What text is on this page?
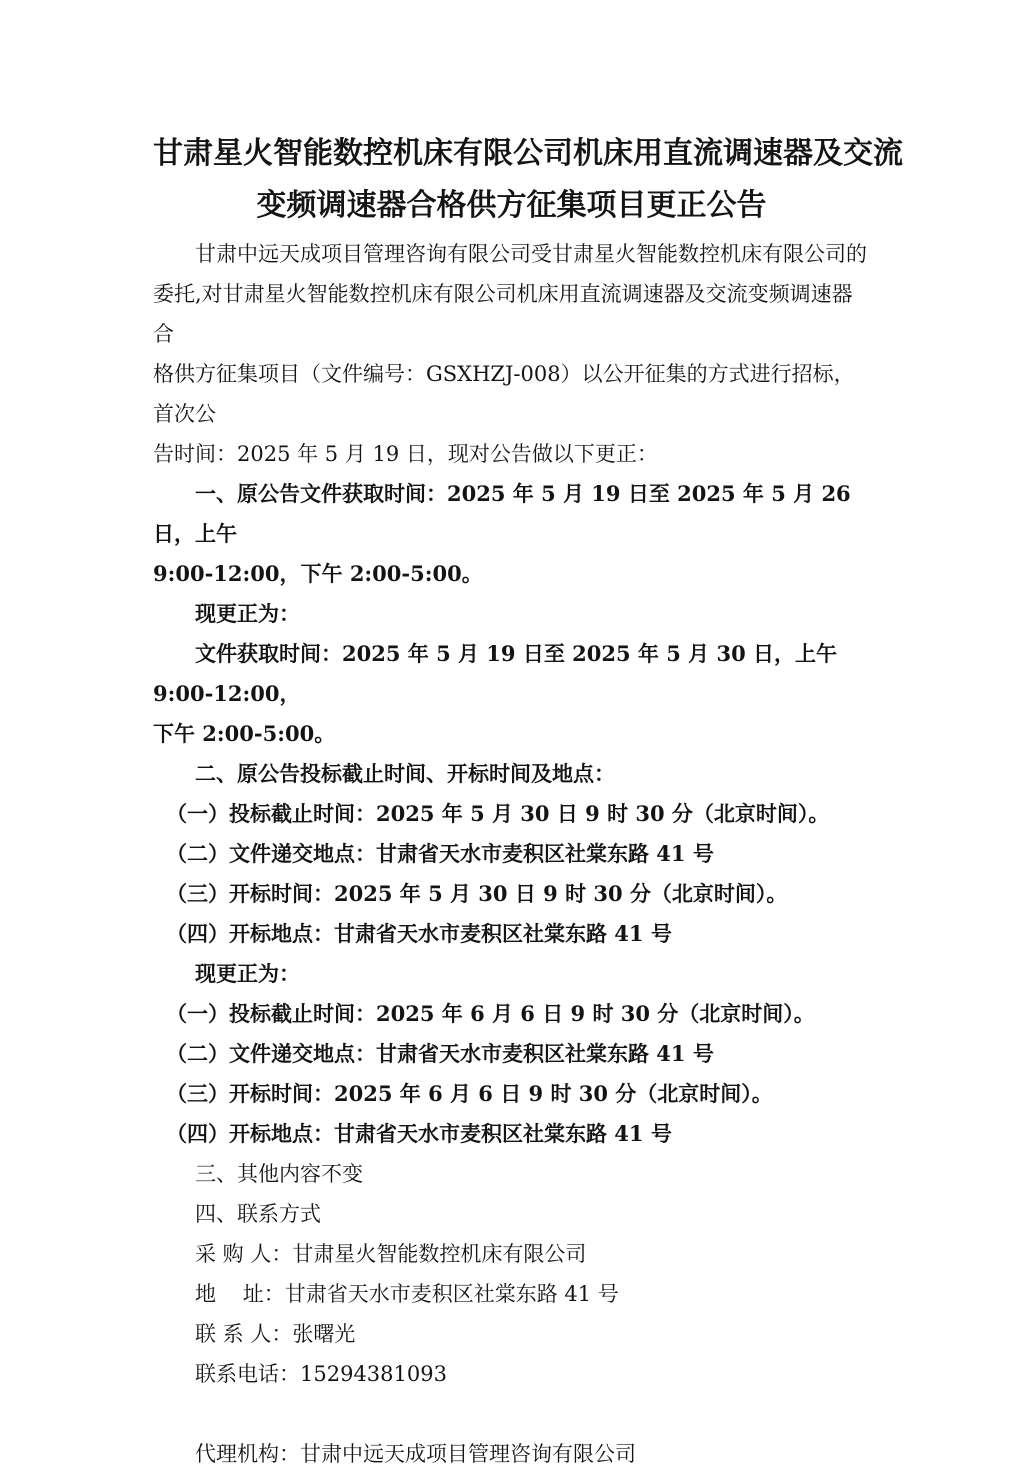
甘肃星火智能数控机床有限公司机床用直流调速器及交流
变频调速器合格供方征集项目更正公告

甘肃中远天成项目管理咨询有限公司受甘肃星火智能数控机床有限公司的

委托,对甘肃星火智能数控机床有限公司机床用直流调速器及交流变频调速器合

格供方征集项目（文件编号：GSXHZJ-008）以公开征集的方式进行招标，首次公

告时间：2025 年 5 月 19 日，现对公告做以下更正：

一、原公告文件获取时间：2025 年 5 月 19 日至 2025 年 5 月 26 日，上午

9:00-12:00，下午 2:00-5:00。

现更正为：

文件获取时间：2025 年 5 月 19 日至 2025 年 5 月 30 日，上午 9:00-12:00，

下午 2:00-5:00。

二、原公告投标截止时间、开标时间及地点：

（一）投标截止时间：2025 年 5 月 30 日 9 时 30 分（北京时间）。

（二）文件递交地点：甘肃省天水市麦积区社棠东路 41 号

（三）开标时间：2025 年 5 月 30 日 9 时 30 分（北京时间）。

（四）开标地点：甘肃省天水市麦积区社棠东路 41 号

现更正为：

（一）投标截止时间：2025 年 6 月 6 日 9 时 30 分（北京时间）。

（二）文件递交地点：甘肃省天水市麦积区社棠东路 41 号

（三）开标时间：2025 年 6 月 6 日 9 时 30 分（北京时间）。

（四）开标地点：甘肃省天水市麦积区社棠东路 41 号

三、其他内容不变

四、联系方式

采 购 人：甘肃星火智能数控机床有限公司

地    址：甘肃省天水市麦积区社棠东路 41 号

联 系 人：张曙光

联系电话：15294381093

代理机构：甘肃中远天成项目管理咨询有限公司
